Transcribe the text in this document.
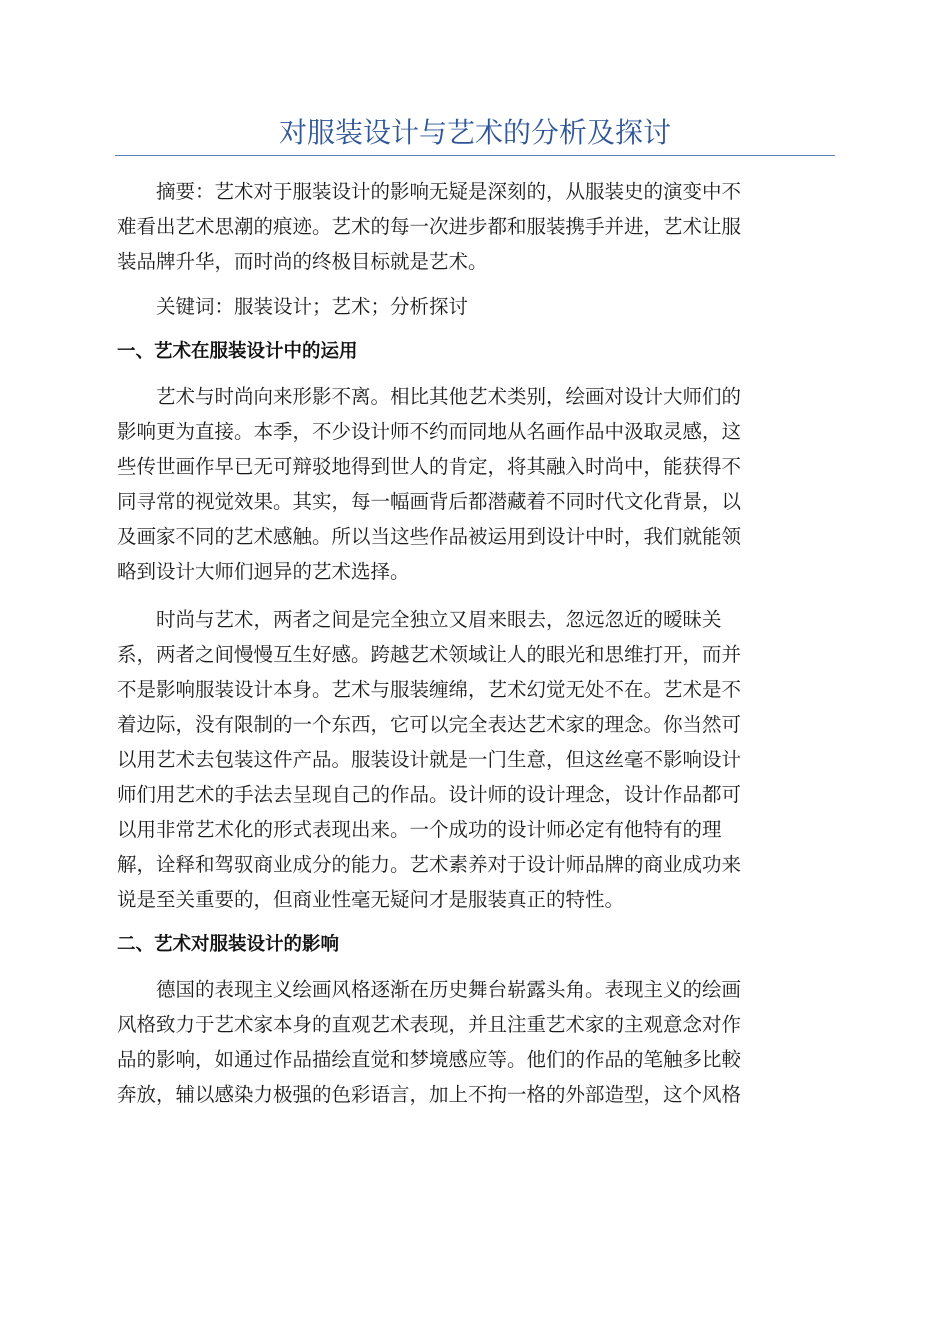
对服装设计与艺术的分析及探讨

摘要：艺术对于服装设计的影响无疑是深刻的，从服装史的演变中不
难看出艺术思潮的痕迹。艺术的每一次进步都和服装携手并进，艺术让服
装品牌升华，而时尚的终极目标就是艺术。

关键词：服装设计；艺术；分析探讨

一、艺术在服装设计中的运用

艺术与时尚向来形影不离。相比其他艺术类别，绘画对设计大师们的
影响更为直接。本季，不少设计师不约而同地从名画作品中汲取灵感，这
些传世画作早已无可辩驳地得到世人的肯定，将其融入时尚中，能获得不
同寻常的视觉效果。其实，每一幅画背后都潜藏着不同时代文化背景，以
及画家不同的艺术感触。所以当这些作品被运用到设计中时，我们就能领
略到设计大师们迥异的艺术选择。

时尚与艺术，两者之间是完全独立又眉来眼去，忽远忽近的暧昧关
系，两者之间慢慢互生好感。跨越艺术领域让人的眼光和思维打开，而并
不是影响服装设计本身。艺术与服装缠绵，艺术幻觉无处不在。艺术是不
着边际，没有限制的一个东西，它可以完全表达艺术家的理念。你当然可
以用艺术去包装这件产品。服装设计就是一门生意，但这丝毫不影响设计
师们用艺术的手法去呈现自己的作品。设计师的设计理念，设计作品都可
以用非常艺术化的形式表现出来。一个成功的设计师必定有他特有的理
解，诠释和驾驭商业成分的能力。艺术素养对于设计师品牌的商业成功来
说是至关重要的，但商业性毫无疑问才是服装真正的特性。

二、艺术对服装设计的影响

德国的表现主义绘画风格逐渐在历史舞台崭露头角。表现主义的绘画
风格致力于艺术家本身的直观艺术表现，并且注重艺术家的主观意念对作
品的影响，如通过作品描绘直觉和梦境感应等。他们的作品的笔触多比較
奔放，辅以感染力极强的色彩语言，加上不拘一格的外部造型，这个风格
